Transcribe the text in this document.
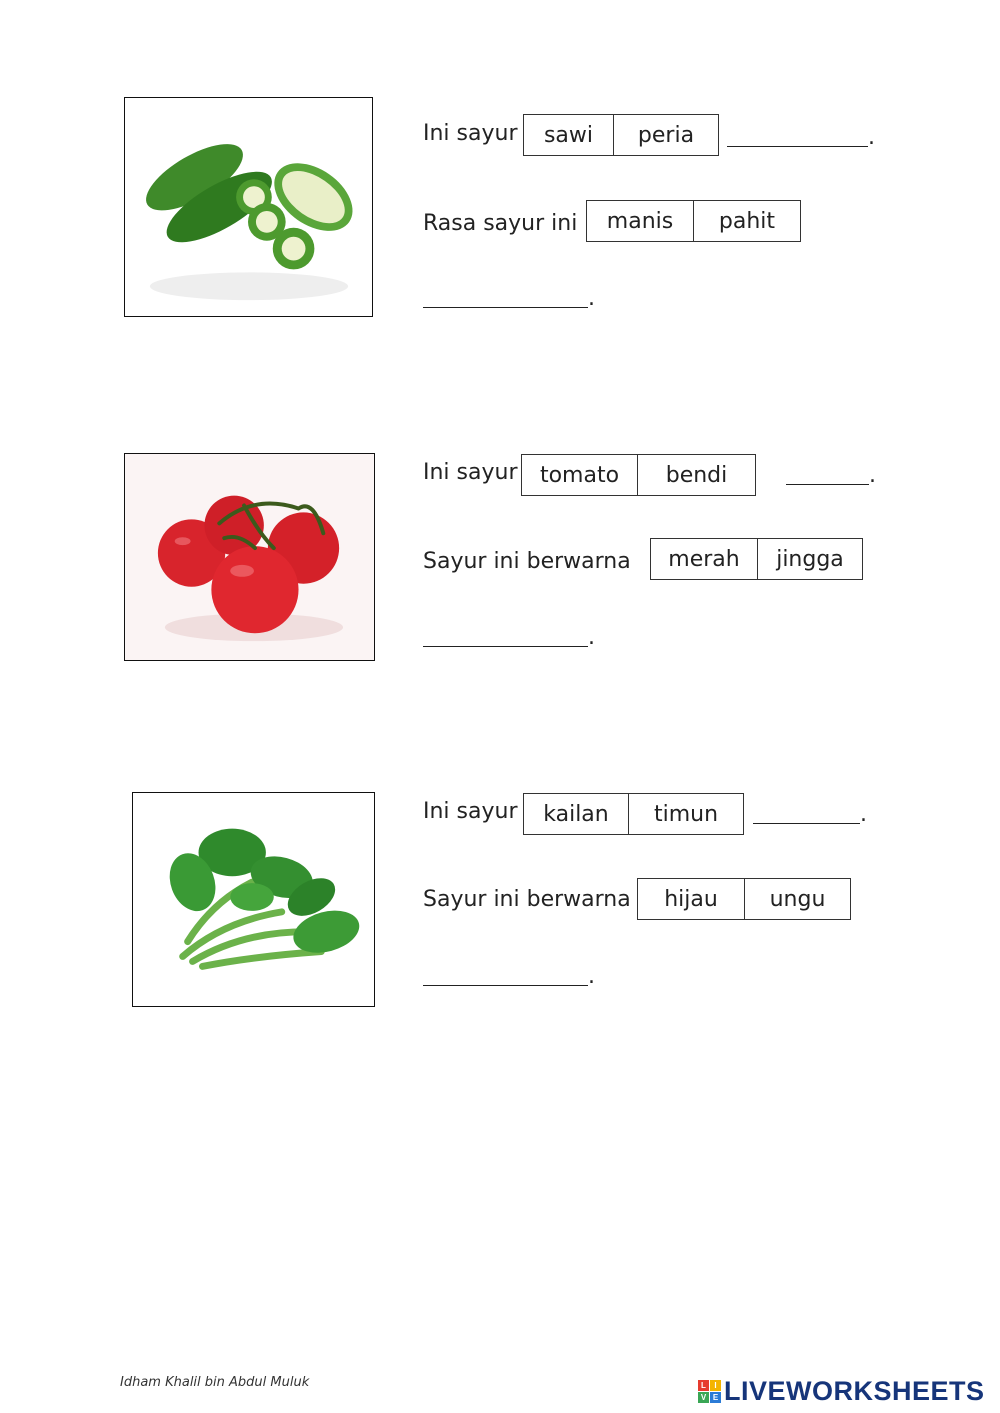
Ini sayur	sawi	peria	.
Rasa sayur ini	manis	pahit
.
Ini sayur	tomato	bendi	.
Sayur ini berwarna	merah	jingga
.
Ini sayur	kailan	timun	.
Sayur ini berwarna	hijau	ungu
.
Idham Khalil bin Abdul Muluk	L	I
V E LIVEWORKSHEETS
